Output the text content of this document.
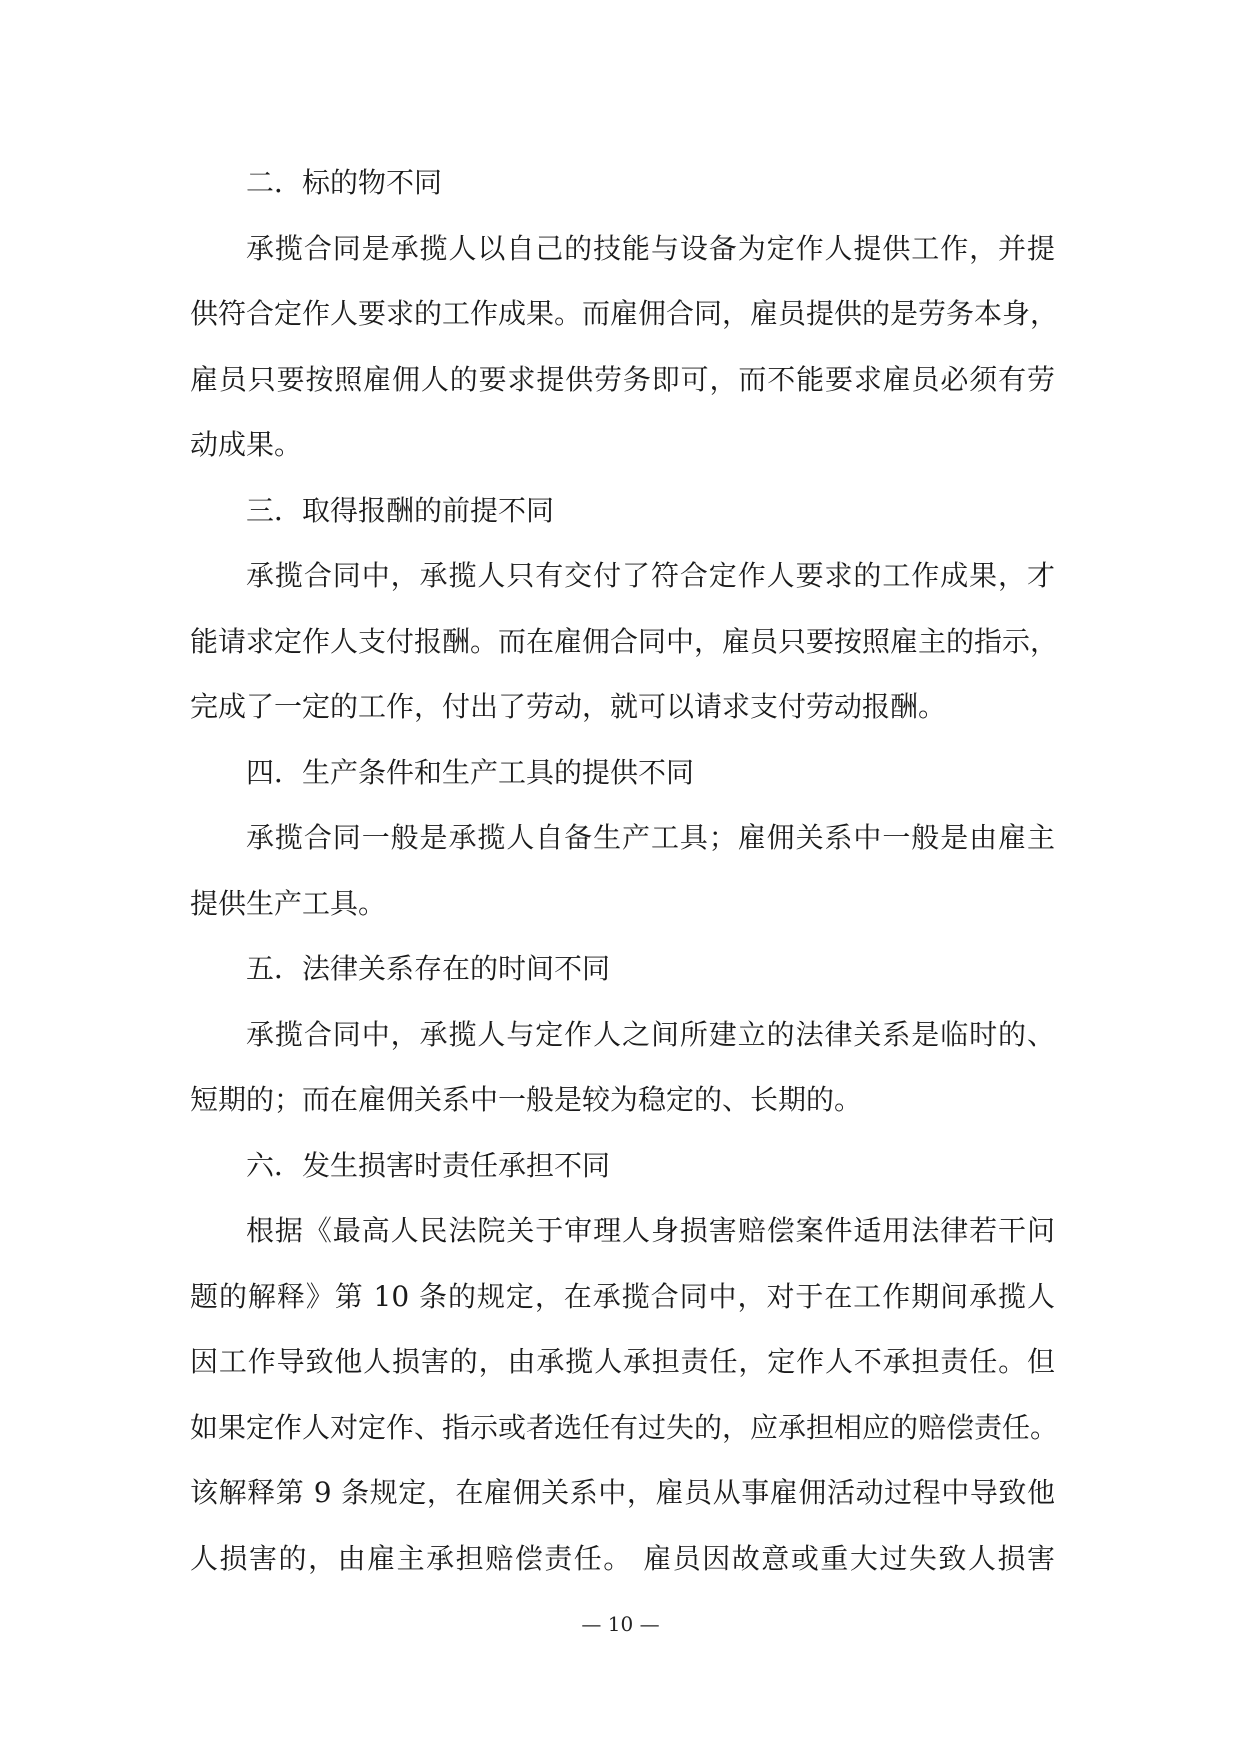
二．标的物不同
承揽合同是承揽人以自己的技能与设备为定作人提供工作，并提
供符合定作人要求的工作成果。而雇佣合同，雇员提供的是劳务本身，
雇员只要按照雇佣人的要求提供劳务即可，而不能要求雇员必须有劳
动成果。
三．取得报酬的前提不同
承揽合同中，承揽人只有交付了符合定作人要求的工作成果，才
能请求定作人支付报酬。而在雇佣合同中，雇员只要按照雇主的指示，
完成了一定的工作，付出了劳动，就可以请求支付劳动报酬。
四．生产条件和生产工具的提供不同
承揽合同一般是承揽人自备生产工具；雇佣关系中一般是由雇主
提供生产工具。
五．法律关系存在的时间不同
承揽合同中，承揽人与定作人之间所建立的法律关系是临时的、
短期的；而在雇佣关系中一般是较为稳定的、长期的。
六．发生损害时责任承担不同
根据《最高人民法院关于审理人身损害赔偿案件适用法律若干问
题的解释》第 10 条的规定，在承揽合同中，对于在工作期间承揽人
因工作导致他人损害的，由承揽人承担责任，定作人不承担责任。但
如果定作人对定作、指示或者选任有过失的，应承担相应的赔偿责任。
该解释第 9 条规定，在雇佣关系中，雇员从事雇佣活动过程中导致他
人损害的，由雇主承担赔偿责任。 雇员因故意或重大过失致人损害
— 10 —
